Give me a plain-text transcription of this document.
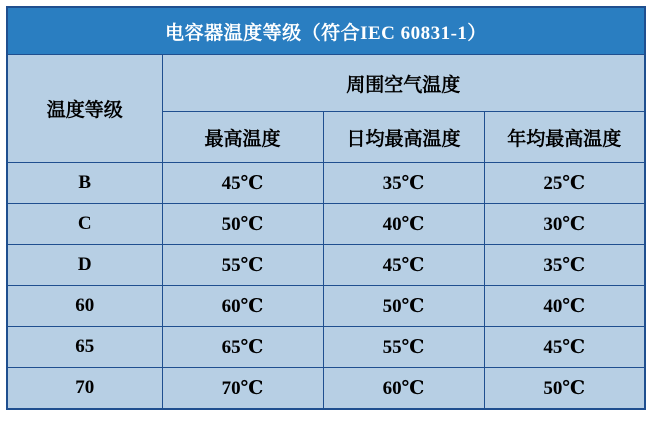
电容器温度等级（符合IEC 60831-1）			
温度等级	周围空气温度		
	最高温度	日均最高温度	年均最高温度
B	45℃	35℃	25℃
C	50℃	40℃	30℃
D	55℃	45℃	35℃
60	60℃	50℃	40℃
65	65℃	55℃	45℃
70	70℃	60℃	50℃
